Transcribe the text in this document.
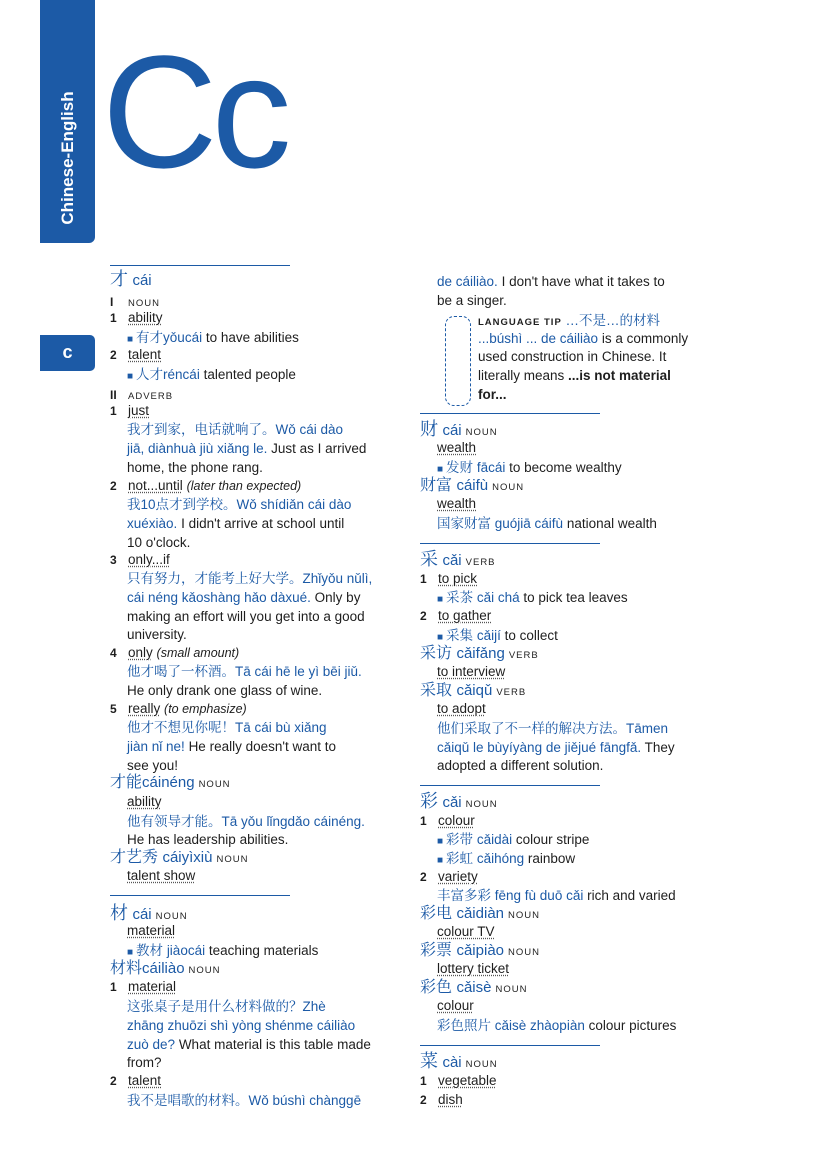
Chinese-English Cc
c
才 cái
I NOUN
1 ability
■ 有才yǒucái to have abilities
2 talent
■ 人才réncái talented people
II ADVERB
1 just
我才到家，电话就响了。Wǒ cái dào
jiā, diànhuà jiù xiǎng le. Just as I arrived
home, the phone rang.
2 not...until (later than expected)
我10点才到学校。Wǒ shídiǎn cái dào
xuéxiào. I didn't arrive at school until
10 o'clock.
3 only...if
只有努力，才能考上好大学。Zhǐyǒu nǔlì,
cái néng kǎoshàng hǎo dàxué. Only by
making an effort will you get into a good
university.
4 only (small amount)
他才喝了一杯酒。Tā cái hē le yì bēi jiǔ.
He only drank one glass of wine.
5 really (to emphasize)
他才不想见你呢！Tā cái bù xiǎng
jiàn nǐ ne! He really doesn't want to
see you!
才能cáinéng NOUN
ability
他有领导才能。Tā yǒu lǐngdǎo cáinéng.
He has leadership abilities.
才艺秀 cáiyìxiù NOUN
talent show
材 cái NOUN
material
■ 教材 jiàocái teaching materials
材料cáiliào NOUN
1 material
这张桌子是用什么材料做的？Zhè
zhāng zhuōzi shì yòng shénme cáiliào
zuò de? What material is this table made
from?
2 talent
我不是唱歌的材料。Wǒ búshì chànggē
de cáiliào. I don't have what it takes to
be a singer.
LANGUAGE TIP …不是…的材料
...búshì ... de cáiliào is a commonly
used construction in Chinese. It
literally means ...is not material
for...
财 cái NOUN
wealth
■ 发财 fācái to become wealthy
财富 cáifù NOUN
wealth
国家财富 guójiā cáifù national wealth
采 cǎi VERB
1 to pick
■ 采茶 cǎi chá to pick tea leaves
2 to gather
■ 采集 cǎijí to collect
采访 cǎifǎng VERB
to interview
采取 cǎiqǔ VERB
to adopt
他们采取了不一样的解决方法。Tāmen
cǎiqǔ le bùyíyàng de jiějué fāngfǎ. They
adopted a different solution.
彩 cǎi NOUN
1 colour
■ 彩带 cǎidài colour stripe
■ 彩虹 cǎihóng rainbow
2 variety
丰富多彩 fēng fù duō cǎi rich and varied
彩电 cǎidiàn NOUN
colour TV
彩票 cǎipiào NOUN
lottery ticket
彩色 cǎisè NOUN
colour
彩色照片 cǎisè zhàopiàn colour pictures
菜 cài NOUN
1 vegetable
2 dish
